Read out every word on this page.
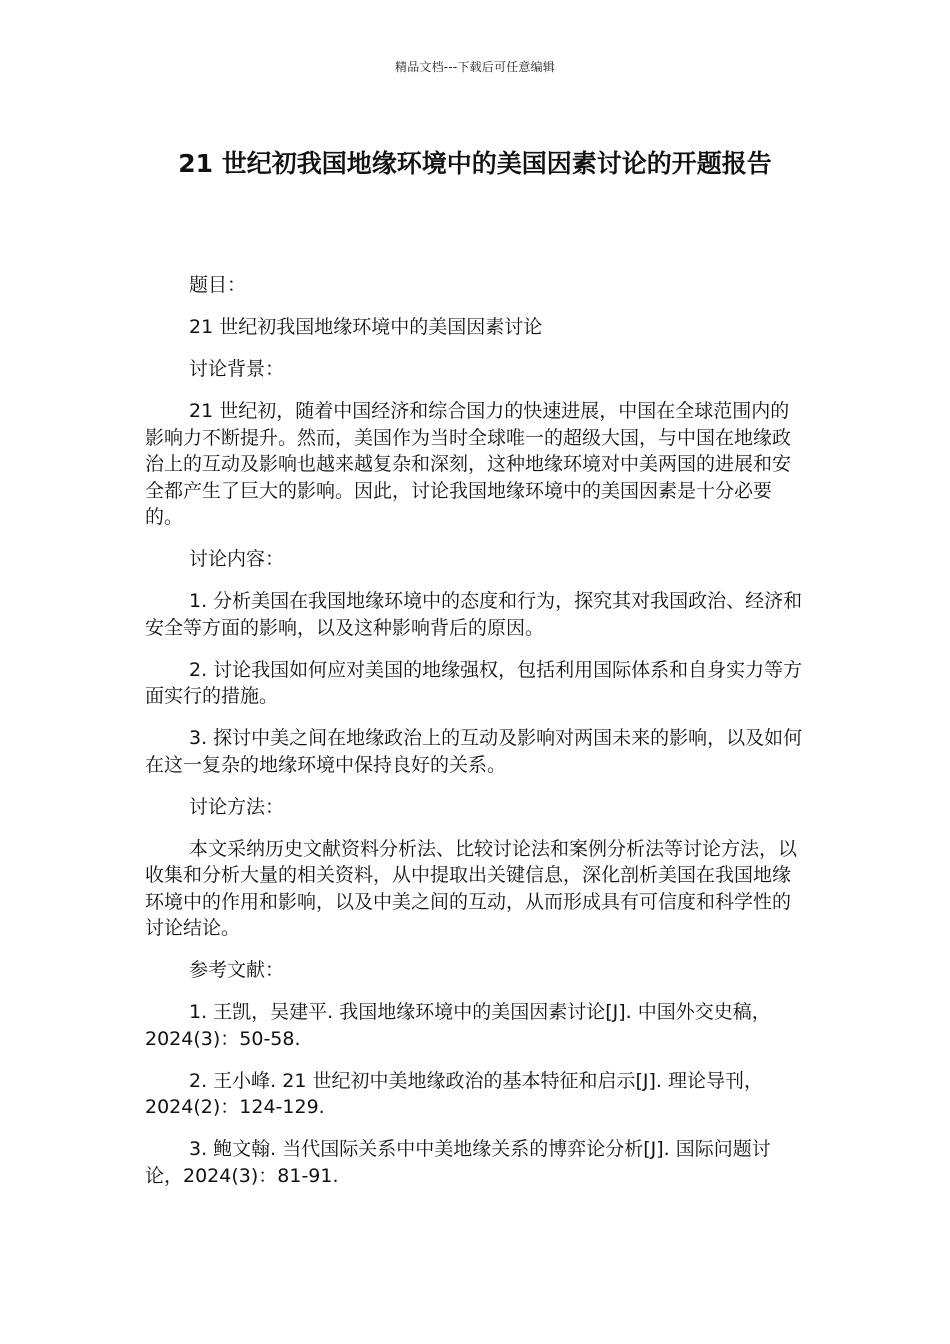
精品文档---下载后可任意编辑
21 世纪初我国地缘环境中的美国因素讨论的开题报告

题目：

21 世纪初我国地缘环境中的美国因素讨论

讨论背景：

21 世纪初，随着中国经济和综合国力的快速进展，中国在全球范围内的影响力不断提升。然而，美国作为当时全球唯一的超级大国，与中国在地缘政治上的互动及影响也越来越复杂和深刻，这种地缘环境对中美两国的进展和安全都产生了巨大的影响。因此，讨论我国地缘环境中的美国因素是十分必要的。

讨论内容：

1. 分析美国在我国地缘环境中的态度和行为，探究其对我国政治、经济和安全等方面的影响，以及这种影响背后的原因。

2. 讨论我国如何应对美国的地缘强权，包括利用国际体系和自身实力等方面实行的措施。

3. 探讨中美之间在地缘政治上的互动及影响对两国未来的影响，以及如何在这一复杂的地缘环境中保持良好的关系。

讨论方法：

本文采纳历史文献资料分析法、比较讨论法和案例分析法等讨论方法，以收集和分析大量的相关资料，从中提取出关键信息，深化剖析美国在我国地缘环境中的作用和影响，以及中美之间的互动，从而形成具有可信度和科学性的讨论结论。

参考文献：

1. 王凯，吴建平. 我国地缘环境中的美国因素讨论[J]. 中国外交史稿，2024(3)：50-58.

2. 王小峰. 21 世纪初中美地缘政治的基本特征和启示[J]. 理论导刊，2024(2)：124-129.

3. 鲍文翰. 当代国际关系中中美地缘关系的博弈论分析[J]. 国际问题讨论，2024(3)：81-91.
